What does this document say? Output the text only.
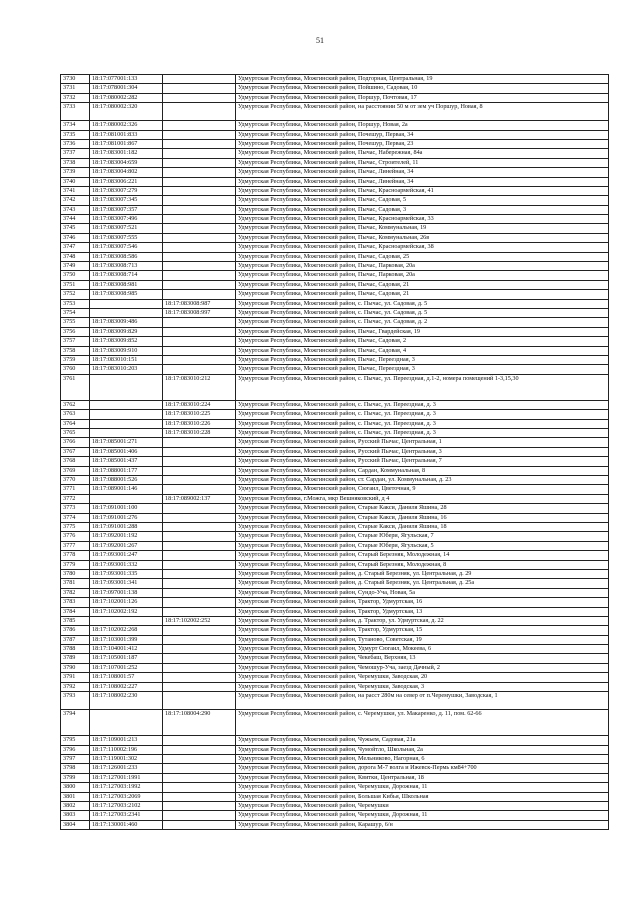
51
3730	18:17:077001:133		Удмуртская Республика, Можгинский район, Подгорная, Центральная, 19
3731	18:17:078001:304		Удмуртская Республика, Можгинский район, Пойшино, Садовая, 10
3732	18:17:080002:282		Удмуртская Республика, Можгинский район, Поршур, Почтовая, 17
3733	18:17:080002:320		Удмуртская Республика, Можгинский район, на расстоянии 50 м от зем уч Поршур, Новая, 8
3734	18:17:080002:326		Удмуртская Республика, Можгинский район, Поршур, Новая, 2а
3735	18:17:081001:833		Удмуртская Республика, Можгинский район, Почешур, Первая, 34
3736	18:17:081001:867		Удмуртская Республика, Можгинский район, Почешур, Первая, 23
3737	18:17:083001:182		Удмуртская Республика, Можгинский район, Пычас, Набережная, 84а
3738	18:17:083004:659		Удмуртская Республика, Можгинский район, Пычас, Строителей, 11
3739	18:17:083004:802		Удмуртская Республика, Можгинский район, Пычас, Линейная, 34
3740	18:17:083006:221		Удмуртская Республика, Можгинский район, Пычас, Линейная, 34
3741	18:17:083007:279		Удмуртская Республика, Можгинский район, Пычас, Красноармейская, 41
3742	18:17:083007:345		Удмуртская Республика, Можгинский район, Пычас, Садовая, 5
3743	18:17:083007:357		Удмуртская Республика, Можгинский район, Пычас, Садовая, 3
3744	18:17:083007:496		Удмуртская Республика, Можгинский район, Пычас, Красноармейская, 33
3745	18:17:083007:521		Удмуртская Республика, Можгинский район, Пычас, Коммунальная, 19
3746	18:17:083007:555		Удмуртская Республика, Можгинский район, Пычас, Коммунальная, 26в
3747	18:17:083007:546		Удмуртская Республика, Можгинский район, Пычас, Красноармейская, 38
3748	18:17:083008:586		Удмуртская Республика, Можгинский район, Пычас, Садовая, 25
3749	18:17:083008:713		Удмуртская Республика, Можгинский район, Пычас, Парковая, 20а
3750	18:17:083008:714		Удмуртская Республика, Можгинский район, Пычас, Парковая, 20а
3751	18:17:083008:981		Удмуртская Республика, Можгинский район, Пычас, Садовая, 21
3752	18:17:083008:985		Удмуртская Республика, Можгинский район, Пычас, Садовая, 21
3753		18:17:083008:987	Удмуртская Республика, Можгинский район, с. Пычас, ул. Садовая, д. 5
3754		18:17:083008:997	Удмуртская Республика, Можгинский район, с. Пычас, ул. Садовая, д. 5
3755	18:17:083009:486		Удмуртская Республика, Можгинский район, с. Пычас, ул. Садовая, д. 2
3756	18:17:083009:829		Удмуртская Республика, Можгинский район, Пычас, Гвардейская, 19
3757	18:17:083009:852		Удмуртская Республика, Можгинский район, Пычас, Садовая, 2
3758	18:17:083009:910		Удмуртская Республика, Можгинский район, Пычас, Садовая, 4
3759	18:17:083010:151		Удмуртская Республика, Можгинский район, Пычас, Переездная, 3
3760	18:17:083010:203		Удмуртская Республика, Можгинский район, Пычас, Переездная, 3
3761		18:17:083010:212	Удмуртская Республика, Можгинский район, с. Пычас, ул. Переездная, д.1-2, номера помещений 1-3,15,30
3762		18:17:083010:224	Удмуртская Республика, Можгинский район, с. Пычас, ул. Переездная, д. 3
3763		18:17:083010:225	Удмуртская Республика, Можгинский район, с. Пычас, ул. Переездная, д. 3
3764		18:17:083010:226	Удмуртская Республика, Можгинский район, с. Пычас, ул. Переездная, д. 3
3765		18:17:083010:228	Удмуртская Республика, Можгинский район, с. Пычас, ул. Переездная, д. 3
3766	18:17:085001:271		Удмуртская Республика, Можгинский район, Русский Пычас, Центральная, 1
3767	18:17:085001:406		Удмуртская Республика, Можгинский район, Русский Пычас, Центральная, 3
3768	18:17:085001:437		Удмуртская Республика, Можгинский район, Русский Пычас, Центральная, 7
3769	18:17:088001:177		Удмуртская Республика, Можгинский район, Сардан, Коммунальная, 8
3770	18:17:088001:526		Удмуртская Республика, Можгинский район, ст. Сардан, ул. Коммунальная, д. 23
3771	18:17:089001:146		Удмуртская Республика, Можгинский район, Сюгаил, Цветочная, 9
3772		18:17:089002:137	Удмуртская Республика, г.Можга, мкр Вешняковский, д 4
3773	18:17:091001:100		Удмуртская Республика, Можгинский район, Старые Какси, Даниля Яшина, 28
3774	18:17:091001:276		Удмуртская Республика, Можгинский район, Старые Какси, Даниля Яшина, 16
3775	18:17:091001:288		Удмуртская Республика, Можгинский район, Старые Какси, Даниля Яшина, 18
3776	18:17:092001:192		Удмуртская Республика, Можгинский район, Старые Юбери, Ягульская, 7
3777	18:17:092001:267		Удмуртская Республика, Можгинский район, Старые Юбери, Ягульская, 5
3778	18:17:093001:247		Удмуртская Республика, Можгинский район, Старый Березняк, Молодежная, 14
3779	18:17:093001:332		Удмуртская Республика, Можгинский район, Старый Березняк, Молодежная, 8
3780	18:17:093001:335		Удмуртская Республика, Можгинский район, д. Старый Березняк, ул. Центральная, д. 29
3781	18:17:093001:341		Удмуртская Республика, Можгинский район, д. Старый Березняк, ул. Центральная, д. 25а
3782	18:17:097001:138		Удмуртская Республика, Можгинский район, Сундо-Уча, Новая, 5а
3783	18:17:102001:126		Удмуртская Республика, Можгинский район, Трактор, Удмуртская, 16
3784	18:17:102002:192		Удмуртская Республика, Можгинский район, Трактор, Удмуртская, 13
3785		18:17:102002:252	Удмуртская Республика, Можгинский район, д. Трактор, ул. Удмуртская, д. 22
3786	18:17:102002:268		Удмуртская Республика, Можгинский район, Трактор, Удмуртская, 15
3787	18:17:103001:399		Удмуртская Республика, Можгинский район, Тутаново, Советская, 19
3788	18:17:104001:412		Удмуртская Республика, Можгинский район, Удмурт Сюгаил, Мокеева, 6
3789	18:17:105001:187		Удмуртская Республика, Можгинский район, Чекебаш, Верхняя, 13
3790	18:17:107001:252		Удмуртская Республика, Можгинский район, Чемошур-Уча, заезд Дачный, 2
3791	18:17:108001:57		Удмуртская Республика, Можгинский район, Черемушки, Заводская, 20
3792	18:17:108002:227		Удмуртская Республика, Можгинский район, Черемушки, Заводская, 3
3793	18:17:108002:230		Удмуртская Республика, Можгинский район, на расст 280м на север от п.Черемушки, Заводская, 1
3794		18:17:108004:290	Удмуртская Республика, Можгинский район, с. Черемушки, ул. Макаренко, д. 11, пом. 62-66
3795	18:17:109001:213		Удмуртская Республика, Можгинский район, Чужьем, Садовая, 21а
3796	18:17:110002:196		Удмуртская Республика, Можгинский район, Чумойтло, Школьная, 2а
3797	18:17:119001:302		Удмуртская Республика, Можгинский район, Мельниково, Нагорная, 6
3798	18:17:126001:233		Удмуртская Республика, Можгинский район, дорога М-7 волга и Ижевск-Пермь км84+700
3799	18:17:127001:1991		Удмуртская Республика, Можгинский район, Квитки, Центральная, 18
3800	18:17:127003:1992		Удмуртская Республика, Можгинский район, Черемушки, Дорожная, 11
3801	18:17:127003:2069		Удмуртская Республика, Можгинский район, Большая Кибья, Школьная
3802	18:17:127003:2102		Удмуртская Республика, Можгинский район, Черемушки
3803	18:17:127003:2341		Удмуртская Республика, Можгинский район, Черемушки, Дорожная, 11
3804	18:17:130001:460		Удмуртская Республика, Можгинский район, Карашур, 6/н
